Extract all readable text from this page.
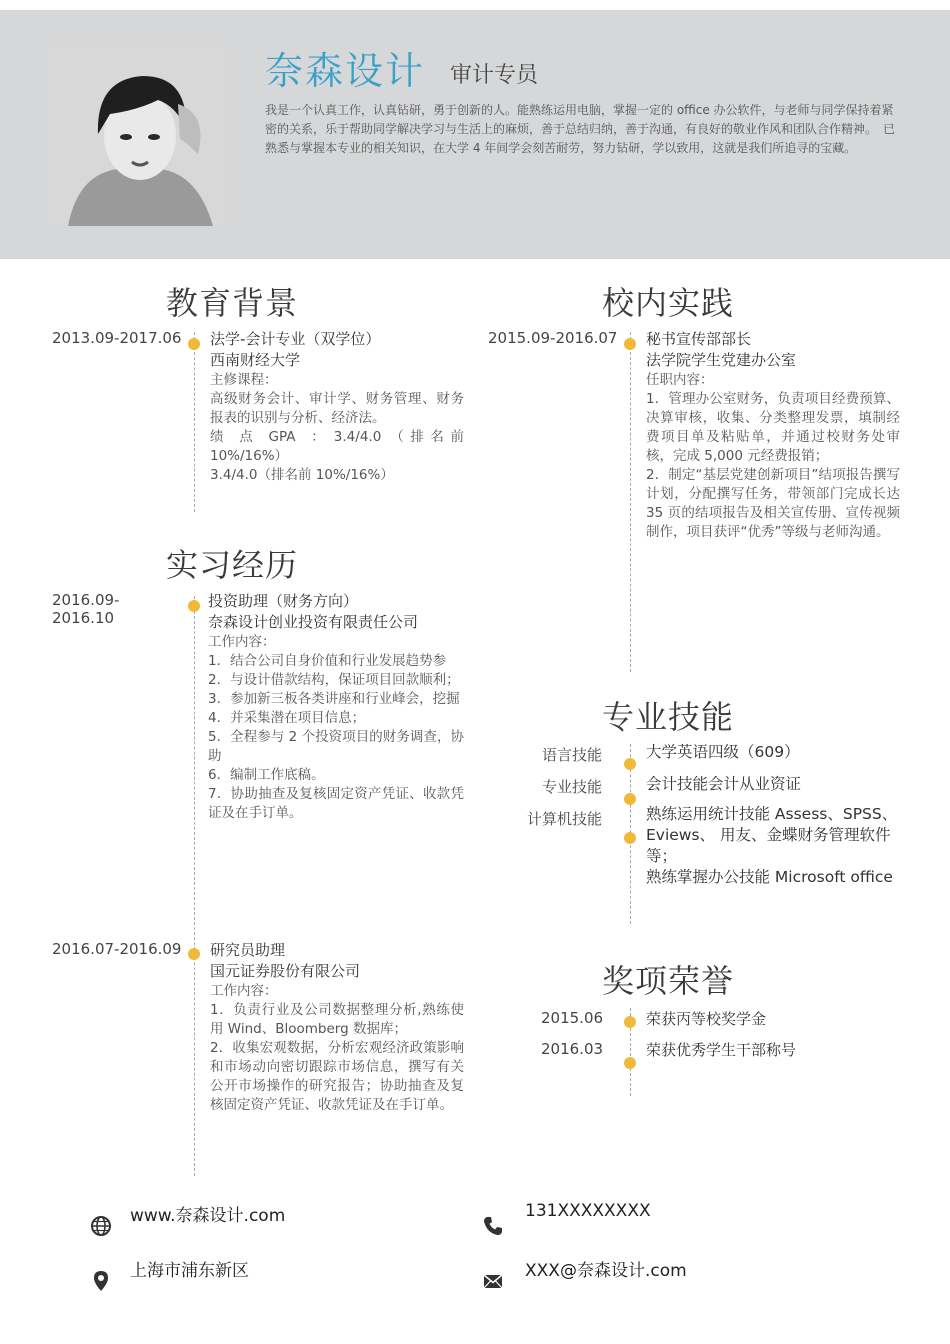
奈森设计 审计专员
我是一个认真工作，认真钻研，勇于创新的人。能熟练运用电脑，掌握一定的 office 办公软件，与老师与同学保持着紧密的关系，乐于帮助同学解决学习与生活上的麻烦，善于总结归纳，善于沟通，有良好的敬业作风和团队合作精神。　已熟悉与掌握本专业的相关知识，在大学 4 年间学会刻苦耐劳，努力钻研，学以致用，这就是我们所追寻的宝藏。
教育背景
2013.09-2017.06 法学-会计专业（双学位）
西南财经大学
主修课程：
高级财务会计、审计学、财务管理、财务报表的识别与分析、经济法。
绩　点　GPA　：　3.4/4.0　（ 排 名 前 10%/16%）
3.4/4.0（排名前 10%/16%）
实习经历
2016.09-2016.10
投资助理（财务方向）
奈森设计创业投资有限责任公司
工作内容：
1．结合公司自身价值和行业发展趋势参
2．与设计借款结构，保证项目回款顺利；
3．参加新三板各类讲座和行业峰会，挖掘
4．并采集潜在项目信息；
5．全程参与 2 个投资项目的财务调查，协助
6．编制工作底稿。
7．协助抽查及复核固定资产凭证、收款凭证及在手订单。
2016.07-2016.09 研究员助理
国元证券股份有限公司
工作内容：
1．负责行业及公司数据整理分析,熟练使用 Wind、Bloomberg 数据库；
2．收集宏观数据，分析宏观经济政策影响和市场动向密切跟踪市场信息，撰写有关公开市场操作的研究报告；协助抽查及复核固定资产凭证、收款凭证及在手订单。
校内实践
2015.09-2016.07 秘书宣传部部长
法学院学生党建办公室
任职内容：
1．管理办公室财务，负责项目经费预算、决算审核，收集、分类整理发票，填制经费项目单及粘贴单，并通过校财务处审核，完成 5,000 元经费报销；
2．制定“基层党建创新项目”结项报告撰写计划，分配撰写任务，带领部门完成长达 35 页的结项报告及相关宣传册、宣传视频制作，项目获评“优秀”等级与老师沟通。
专业技能
语言技能
专业技能
计算机技能
大学英语四级（609）
会计技能会计从业资证
熟练运用统计技能 Assess、SPSS、Eviews、 用友、金蝶财务管理软件等；
熟练掌握办公技能 Microsoft office
奖项荣誉
2015.06
2016.03
荣获丙等校奖学金
荣获优秀学生干部称号
www.奈森设计.com	131XXXXXXXX
上海市浦东新区	XXX@奈森设计.com
